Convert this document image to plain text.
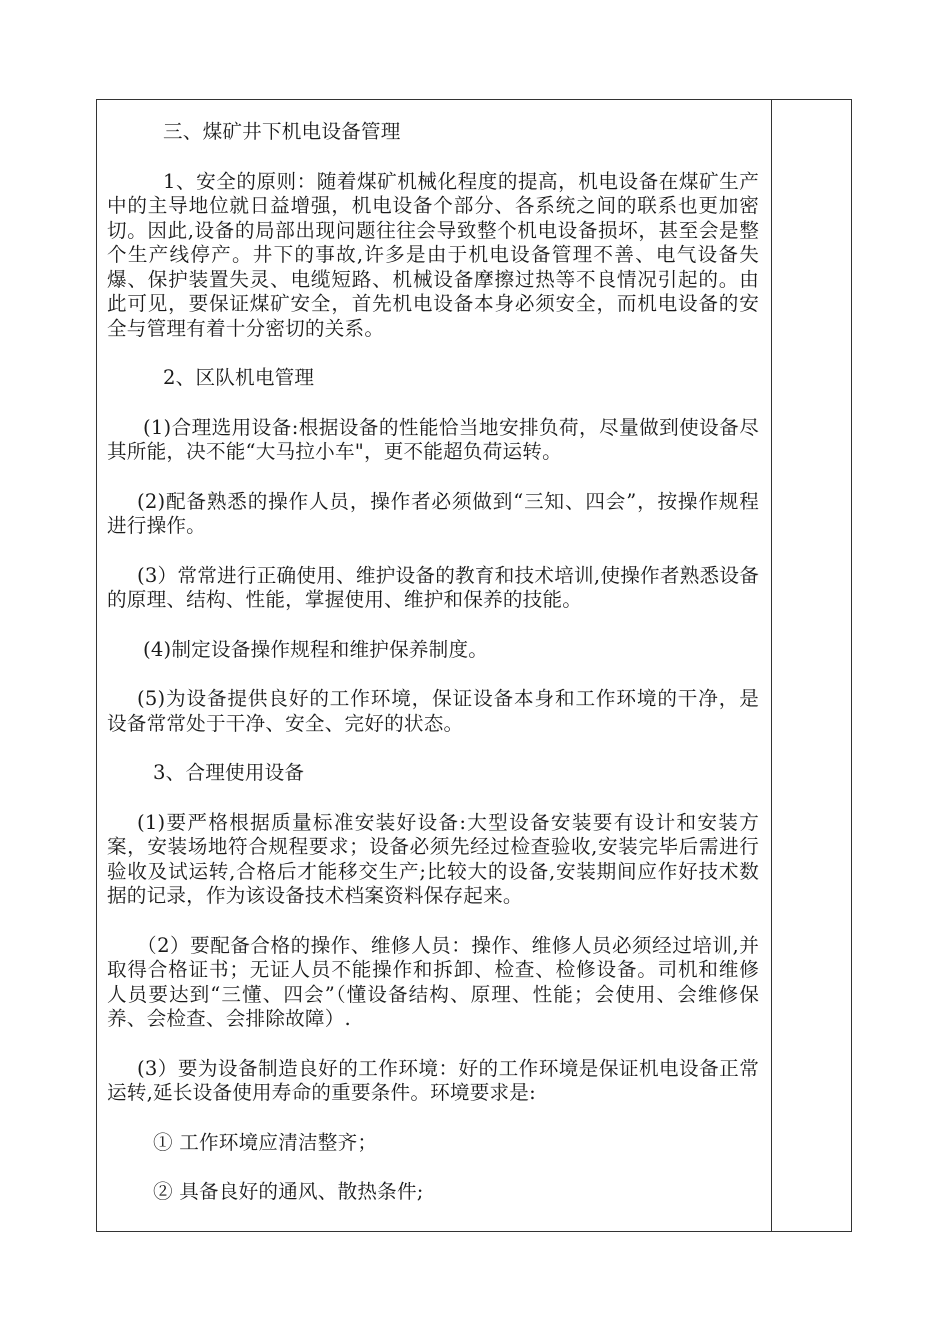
三、煤矿井下机电设备管理

1、安全的原则：随着煤矿机械化程度的提高，机电设备在煤矿生产中的主导地位就日益增强，机电设备个部分、各系统之间的联系也更加密切。因此,设备的局部出现问题往往会导致整个机电设备损坏，甚至会是整个生产线停产。井下的事故,许多是由于机电设备管理不善、电气设备失爆、保护装置失灵、电缆短路、机械设备摩擦过热等不良情况引起的。由此可见，要保证煤矿安全，首先机电设备本身必须安全，而机电设备的安全与管理有着十分密切的关系。

2、区队机电管理

(1)合理选用设备:根据设备的性能恰当地安排负荷，尽量做到使设备尽其所能，决不能“大马拉小车"，更不能超负荷运转。

(2)配备熟悉的操作人员，操作者必须做到“三知、四会”，按操作规程进行操作。

(3）常常进行正确使用、维护设备的教育和技术培训,使操作者熟悉设备的原理、结构、性能，掌握使用、维护和保养的技能。

(4)制定设备操作规程和维护保养制度。

(5)为设备提供良好的工作环境，保证设备本身和工作环境的干净，是设备常常处于干净、安全、完好的状态。

3、合理使用设备

(1)要严格根据质量标准安装好设备:大型设备安装要有设计和安装方案，安装场地符合规程要求；设备必须先经过检查验收,安装完毕后需进行验收及试运转,合格后才能移交生产;比较大的设备,安装期间应作好技术数据的记录，作为该设备技术档案资料保存起来。

（2）要配备合格的操作、维修人员：操作、维修人员必须经过培训,并取得合格证书；无证人员不能操作和拆卸、检查、检修设备。司机和维修人员要达到“三懂、四会”（懂设备结构、原理、性能；会使用、会维修保养、会检查、会排除故障）.

(3）要为设备制造良好的工作环境：好的工作环境是保证机电设备正常运转,延长设备使用寿命的重要条件。环境要求是:

① 工作环境应清洁整齐；

② 具备良好的通风、散热条件;
